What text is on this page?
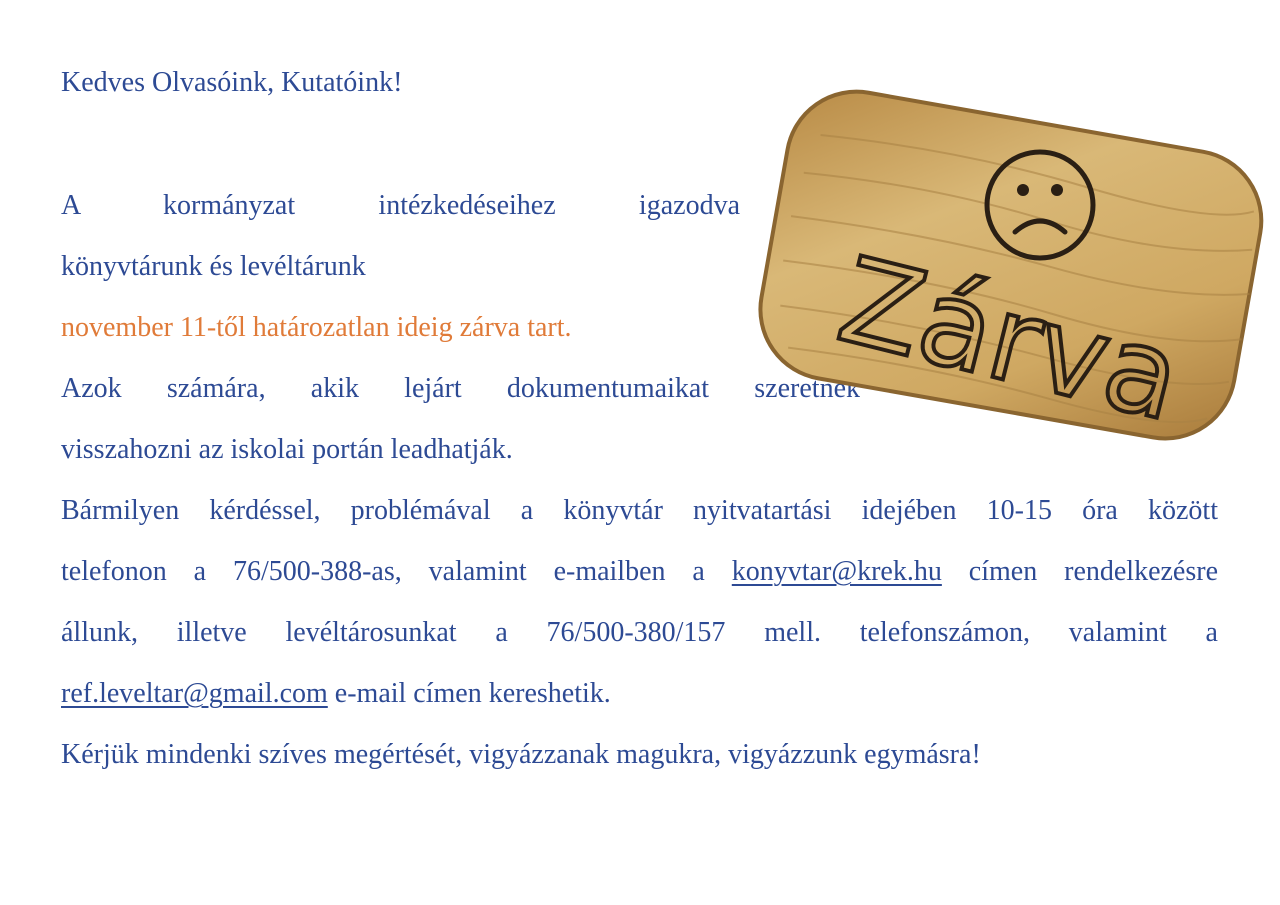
Kedves Olvasóink, Kutatóink!
A kormányzat intézkedéseihez igazodva
könyvtárunk és levéltárunk
november 11-től határozatlan ideig zárva tart.
Azok számára, akik lejárt dokumentumaikat szeretnék
visszahozni az iskolai portán leadhatják.
Bármilyen kérdéssel, problémával a könyvtár nyitvatartási idejében 10-15 óra között
telefonon a 76/500-388-as, valamint e-mailben a konyvtar@krek.hu címen rendelkezésre
állunk, illetve levéltárosunkat a 76/500-380/157 mell. telefonszámon, valamint a
ref.leveltar@gmail.com e-mail címen kereshetik.
Kérjük mindenki szíves megértését, vigyázzanak magukra, vigyázzunk egymásra!
Zárva
